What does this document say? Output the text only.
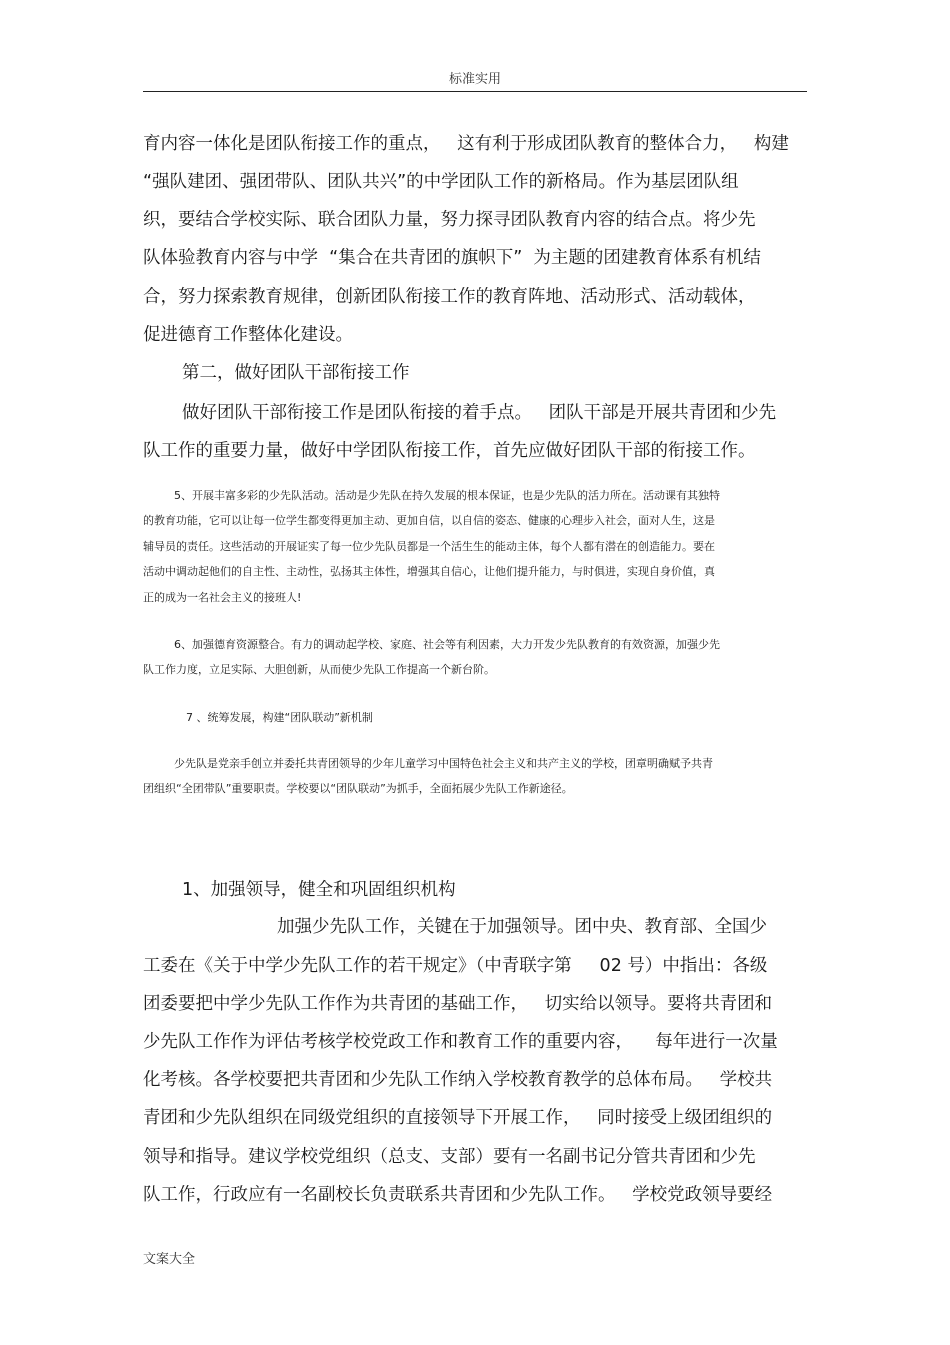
标准实用
育内容一体化是团队衔接工作的重点，   这有利于形成团队教育的整体合力，   构建
“强队建团、强团带队、团队共兴”的中学团队工作的新格局。作为基层团队组
织，要结合学校实际、联合团队力量，努力探寻团队教育内容的结合点。将少先
队体验教育内容与中学  “集合在共青团的旗帜下”  为主题的团建教育体系有机结
合，努力探索教育规律，创新团队衔接工作的教育阵地、活动形式、活动载体，
促进德育工作整体化建设。
第二，做好团队干部衔接工作
做好团队干部衔接工作是团队衔接的着手点。   团队干部是开展共青团和少先
队工作的重要力量，做好中学团队衔接工作，首先应做好团队干部的衔接工作。
5、开展丰富多彩的少先队活动。活动是少先队在持久发展的根本保证，也是少先队的活力所在。活动课有其独特
的教育功能，它可以让每一位学生都变得更加主动、更加自信，以自信的姿态、健康的心理步入社会，面对人生，这是
辅导员的责任。这些活动的开展证实了每一位少先队员都是一个活生生的能动主体，每个人都有潜在的创造能力。要在
活动中调动起他们的自主性、主动性，弘扬其主体性，增强其自信心，让他们提升能力，与时俱进，实现自身价值，真
正的成为一名社会主义的接班人!
6、加强德育资源整合。有力的调动起学校、家庭、社会等有利因素，大力开发少先队教育的有效资源，加强少先
队工作力度，立足实际、大胆创新，从而使少先队工作提高一个新台阶。
7 、统筹发展，构建“团队联动”新机制
少先队是党亲手创立并委托共青团领导的少年儿童学习中国特色社会主义和共产主义的学校，团章明确赋予共青
团组织“全团带队”重要职责。学校要以“团队联动”为抓手，全面拓展少先队工作新途径。
1、加强领导，健全和巩固组织机构
加强少先队工作，关键在于加强领导。团中央、教育部、全国少
工委在《关于中学少先队工作的若干规定》（中青联字第     02 号）中指出：各级
团委要把中学少先队工作作为共青团的基础工作，   切实给以领导。要将共青团和
少先队工作作为评估考核学校党政工作和教育工作的重要内容，    每年进行一次量
化考核。各学校要把共青团和少先队工作纳入学校教育教学的总体布局。   学校共
青团和少先队组织在同级党组织的直接领导下开展工作，   同时接受上级团组织的
领导和指导。建议学校党组织（总支、支部）要有一名副书记分管共青团和少先
队工作，行政应有一名副校长负责联系共青团和少先队工作。   学校党政领导要经
文案大全
